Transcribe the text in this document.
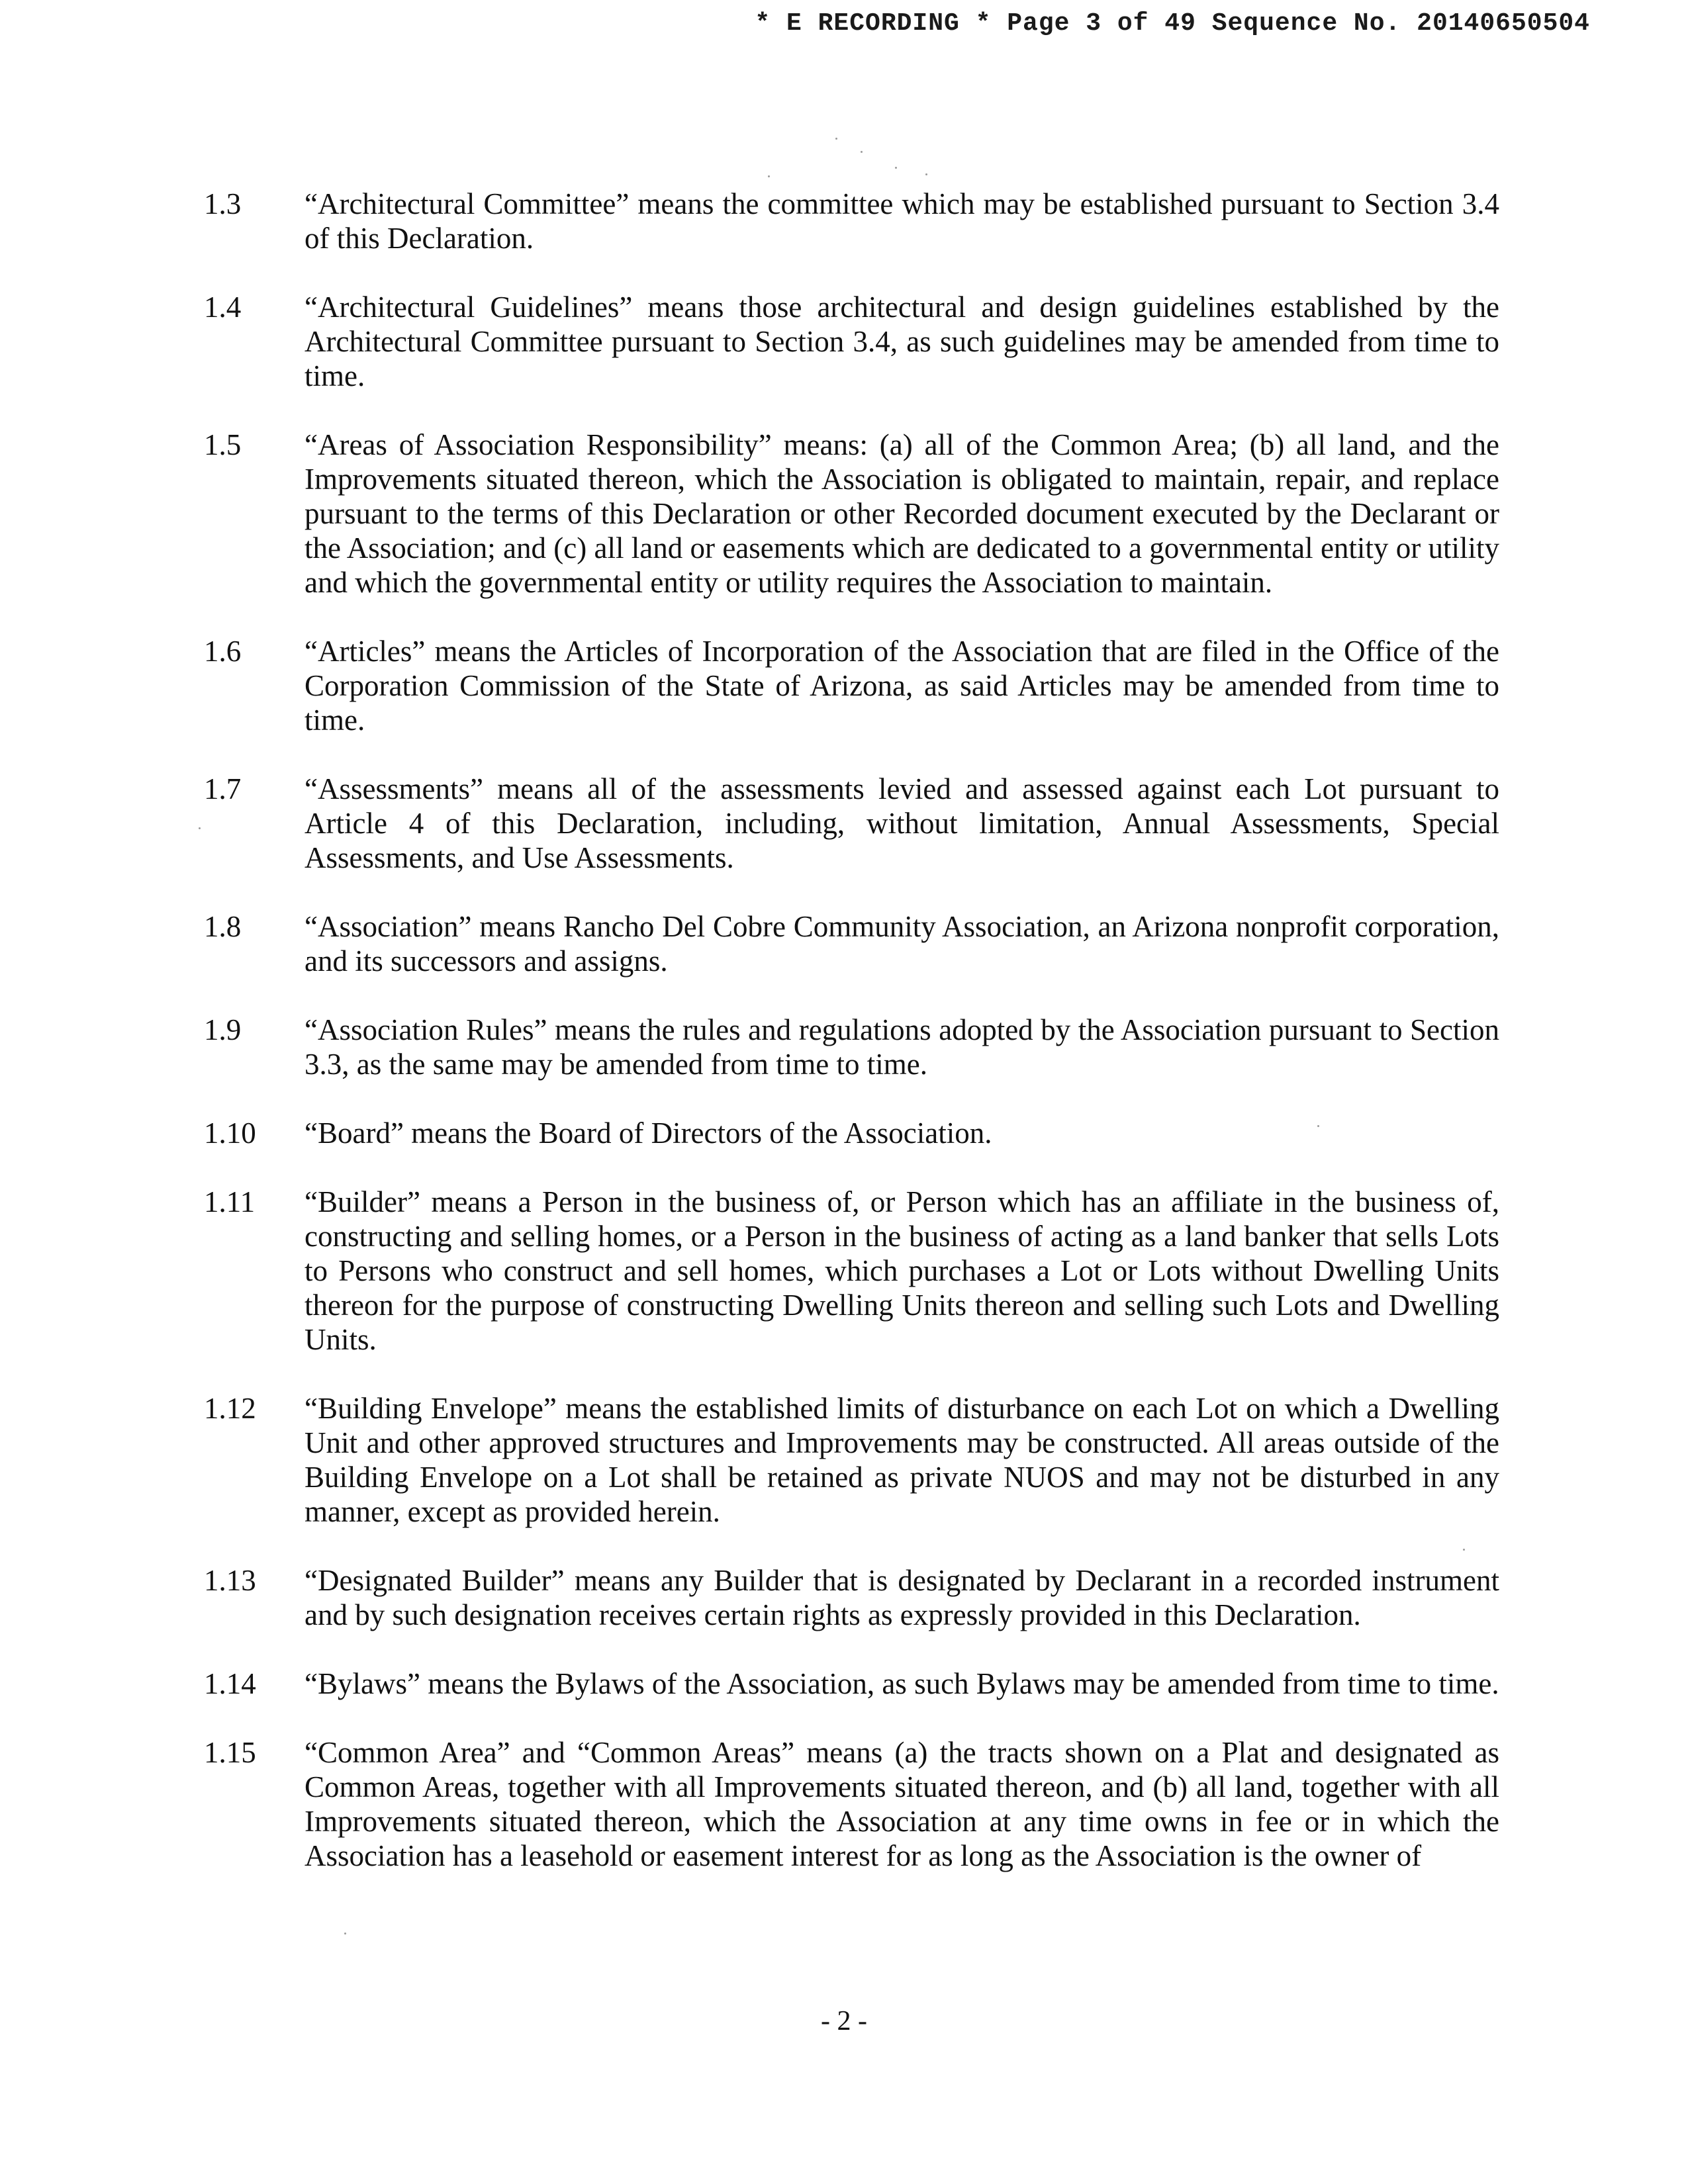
* E RECORDING * Page 3 of 49 Sequence No. 20140650504
1.3 “Architectural Committee” means the committee which may be established pursuant to Section 3.4 of this Declaration.
1.4 “Architectural Guidelines” means those architectural and design guidelines established by the Architectural Committee pursuant to Section 3.4, as such guidelines may be amended from time to time.
1.5 “Areas of Association Responsibility” means: (a) all of the Common Area; (b) all land, and the Improvements situated thereon, which the Association is obligated to maintain, repair, and replace pursuant to the terms of this Declaration or other Recorded document executed by the Declarant or the Association; and (c) all land or easements which are dedicated to a governmental entity or utility and which the governmental entity or utility requires the Association to maintain.
1.6 “Articles” means the Articles of Incorporation of the Association that are filed in the Office of the Corporation Commission of the State of Arizona, as said Articles may be amended from time to time.
1.7 “Assessments” means all of the assessments levied and assessed against each Lot pursuant to Article 4 of this Declaration, including, without limitation, Annual Assessments, Special Assessments, and Use Assessments.
1.8 “Association” means Rancho Del Cobre Community Association, an Arizona nonprofit corporation, and its successors and assigns.
1.9 “Association Rules” means the rules and regulations adopted by the Association pursuant to Section 3.3, as the same may be amended from time to time.
1.10 “Board” means the Board of Directors of the Association.
1.11 “Builder” means a Person in the business of, or Person which has an affiliate in the business of, constructing and selling homes, or a Person in the business of acting as a land banker that sells Lots to Persons who construct and sell homes, which purchases a Lot or Lots without Dwelling Units thereon for the purpose of constructing Dwelling Units thereon and selling such Lots and Dwelling Units.
1.12 “Building Envelope” means the established limits of disturbance on each Lot on which a Dwelling Unit and other approved structures and Improvements may be constructed. All areas outside of the Building Envelope on a Lot shall be retained as private NUOS and may not be disturbed in any manner, except as provided herein.
1.13 “Designated Builder” means any Builder that is designated by Declarant in a recorded instrument and by such designation receives certain rights as expressly provided in this Declaration.
1.14 “Bylaws” means the Bylaws of the Association, as such Bylaws may be amended from time to time.
1.15 “Common Area” and “Common Areas” means (a) the tracts shown on a Plat and designated as Common Areas, together with all Improvements situated thereon, and (b) all land, together with all Improvements situated thereon, which the Association at any time owns in fee or in which the Association has a leasehold or easement interest for as long as the Association is the owner of
- 2 -
